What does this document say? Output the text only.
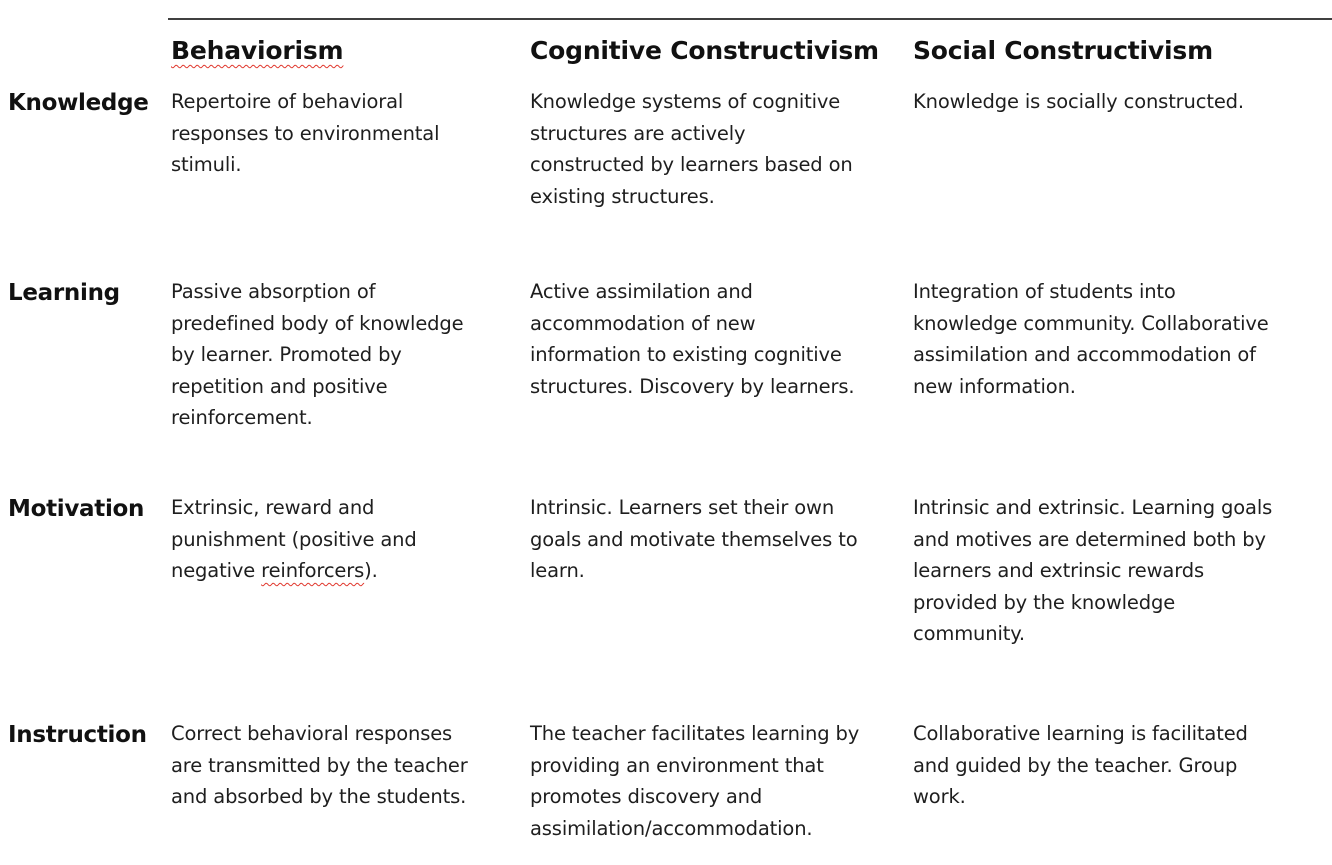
Behaviorism	Cognitive Constructivism Social Constructivism
Knowledge Repertoire of behavioral
responses to environmental
stimuli.
Knowledge systems of cognitive
structures are actively
constructed by learners based on
existing structures.
Knowledge is socially constructed.
Learning	Passive absorption of
predefined body of knowledge
by learner. Promoted by
repetition and positive
reinforcement.
Active assimilation and
accommodation of new
information to existing cognitive
structures. Discovery by learners.
Integration of students into
knowledge community. Collaborative
assimilation and accommodation of
new information.
Motivation Extrinsic, reward and
punishment (positive and
negative reinforcers).
Intrinsic. Learners set their own
goals and motivate themselves to
learn.
Intrinsic and extrinsic. Learning goals
and motives are determined both by
learners and extrinsic rewards
provided by the knowledge
community.
Instruction Correct behavioral responses
are transmitted by the teacher
and absorbed by the students.
The teacher facilitates learning by
providing an environment that
promotes discovery and
assimilation/accommodation.
Collaborative learning is facilitated
and guided by the teacher. Group
work.
